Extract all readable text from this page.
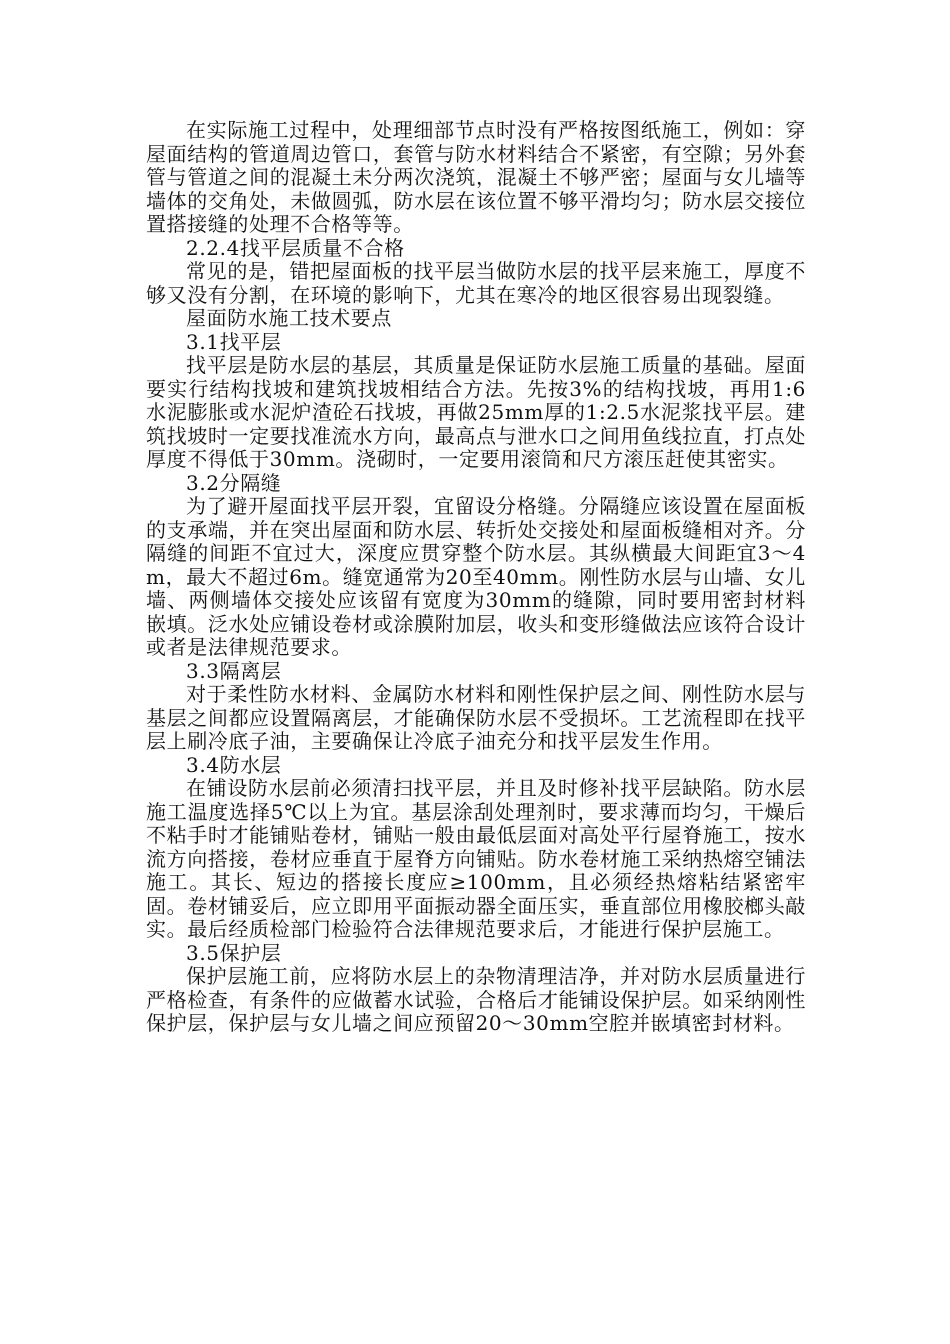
在实际施工过程中，处理细部节点时没有严格按图纸施工，例如：穿屋面结构的管道周边管口，套管与防水材料结合不紧密，有空隙；另外套管与管道之间的混凝土未分两次浇筑，混凝土不够严密；屋面与女儿墙等墙体的交角处，未做圆弧，防水层在该位置不够平滑均匀；防水层交接位置搭接缝的处理不合格等等。

2.2.4找平层质量不合格

常见的是，错把屋面板的找平层当做防水层的找平层来施工，厚度不够又没有分割，在环境的影响下，尤其在寒冷的地区很容易出现裂缝。

屋面防水施工技术要点

3.1找平层

找平层是防水层的基层，其质量是保证防水层施工质量的基础。屋面要实行结构找坡和建筑找坡相结合方法。先按3%的结构找坡，再用1:6水泥膨胀或水泥炉渣砼石找坡，再做25mm厚的1:2.5水泥浆找平层。建筑找坡时一定要找准流水方向，最高点与泄水口之间用鱼线拉直，打点处厚度不得低于30mm。浇砌时，一定要用滚筒和尺方滚压赶使其密实。

3.2分隔缝

为了避开屋面找平层开裂，宜留设分格缝。分隔缝应该设置在屋面板的支承端，并在突出屋面和防水层、转折处交接处和屋面板缝相对齐。分隔缝的间距不宜过大，深度应贯穿整个防水层。其纵横最大间距宜3～4m，最大不超过6m。缝宽通常为20至40mm。刚性防水层与山墙、女儿墙、两侧墙体交接处应该留有宽度为30mm的缝隙，同时要用密封材料嵌填。泛水处应铺设卷材或涂膜附加层，收头和变形缝做法应该符合设计或者是法律规范要求。

3.3隔离层

对于柔性防水材料、金属防水材料和刚性保护层之间、刚性防水层与基层之间都应设置隔离层，才能确保防水层不受损坏。工艺流程即在找平层上刷冷底子油，主要确保让冷底子油充分和找平层发生作用。

3.4防水层

在铺设防水层前必须清扫找平层，并且及时修补找平层缺陷。防水层施工温度选择5℃以上为宜。基层涂刮处理剂时，要求薄而均匀，干燥后不粘手时才能铺贴卷材，铺贴一般由最低层面对高处平行屋脊施工，按水流方向搭接，卷材应垂直于屋脊方向铺贴。防水卷材施工采纳热熔空铺法施工。其长、短边的搭接长度应≥100mm，且必须经热熔粘结紧密牢固。卷材铺妥后，应立即用平面振动器全面压实，垂直部位用橡胶榔头敲实。最后经质检部门检验符合法律规范要求后，才能进行保护层施工。

3.5保护层

保护层施工前，应将防水层上的杂物清理洁净，并对防水层质量进行严格检查，有条件的应做蓄水试验，合格后才能铺设保护层。如采纳刚性保护层，保护层与女儿墙之间应预留20～30mm空腔并嵌填密封材料。
